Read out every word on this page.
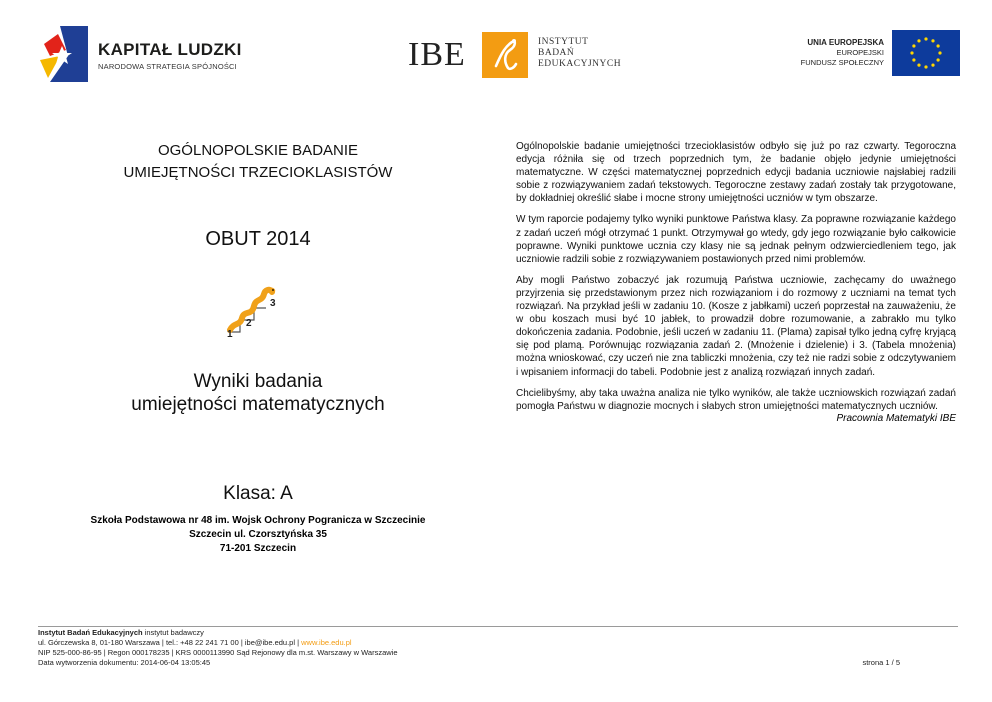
KAPITAŁ LUDZKI
NARODOWA STRATEGIA SPÓJNOŚCI	IBE	INSTYTUT
BADAŃ
EDUKACYJNYCH
UNIA EUROPEJSKA
EUROPEJSKI
FUNDUSZ SPOŁECZNY
OGÓLNOPOLSKIE BADANIE
UMIEJĘTNOŚCI TRZECIOKLASISTÓW
OBUT 2014
1
2
3
Wyniki badania
umiejętności matematycznych
Klasa: A
Szkoła Podstawowa nr 48 im. Wojsk Ochrony Pogranicza w Szczecinie
Szczecin ul. Czorsztyńska 35
71-201 Szczecin

Ogólnopolskie badanie umiejętności trzecioklasistów odbyło się już po raz czwarty. Tegoroczna edycja różniła się od trzech poprzednich tym, że badanie objęło jedynie umiejętności matematyczne. W części matematycznej poprzednich edycji badania uczniowie najsłabiej radzili sobie z rozwiązywaniem zadań tekstowych. Tegoroczne zestawy zadań zostały tak przygotowane, by dokładniej określić słabe i mocne strony umiejętności uczniów w tym obszarze.

W tym raporcie podajemy tylko wyniki punktowe Państwa klasy. Za poprawne rozwiązanie każdego z zadań uczeń mógł otrzymać 1 punkt. Otrzymywał go wtedy, gdy jego rozwiązanie było całkowicie poprawne. Wyniki punktowe ucznia czy klasy nie są jednak pełnym odzwierciedleniem tego, jak uczniowie radzili sobie z rozwiązywaniem postawionych przed nimi problemów.

Aby mogli Państwo zobaczyć jak rozumują Państwa uczniowie, zachęcamy do uważnego przyjrzenia się przedstawionym przez nich rozwiązaniom i do rozmowy z uczniami na temat tych rozwiązań. Na przykład jeśli w zadaniu 10. (Kosze z jabłkami) uczeń poprzestał na zauważeniu, że w obu koszach musi być 10 jabłek, to prowadził dobre rozumowanie, a zabrakło mu tylko dokończenia zadania. Podobnie, jeśli uczeń w zadaniu 11. (Plama) zapisał tylko jedną cyfrę kryjącą się pod plamą. Porównując rozwiązania zadań 2. (Mnożenie i dzielenie) i 3. (Tabela mnożenia) można wnioskować, czy uczeń nie zna tabliczki mnożenia, czy też nie radzi sobie z odczytywaniem i wpisaniem informacji do tabeli. Podobnie jest z analizą rozwiązań innych zadań.

Chcielibyśmy, aby taka uważna analiza nie tylko wyników, ale także uczniowskich rozwiązań zadań pomogła Państwu w diagnozie mocnych i słabych stron umiejętności matematycznych uczniów.

Pracownia Matematyki IBE
Instytut Badań Edukacyjnych instytut badawczy
ul. Górczewska 8, 01-180 Warszawa | tel.: +48 22 241 71 00 | ibe@ibe.edu.pl | www.ibe.edu.pl
NIP 525-000-86-95 | Regon 000178235 | KRS 0000113990 Sąd Rejonowy dla m.st. Warszawy w Warszawie
Data wytworzenia dokumentu: 2014-06-04 13:05:45	strona 1 / 5
